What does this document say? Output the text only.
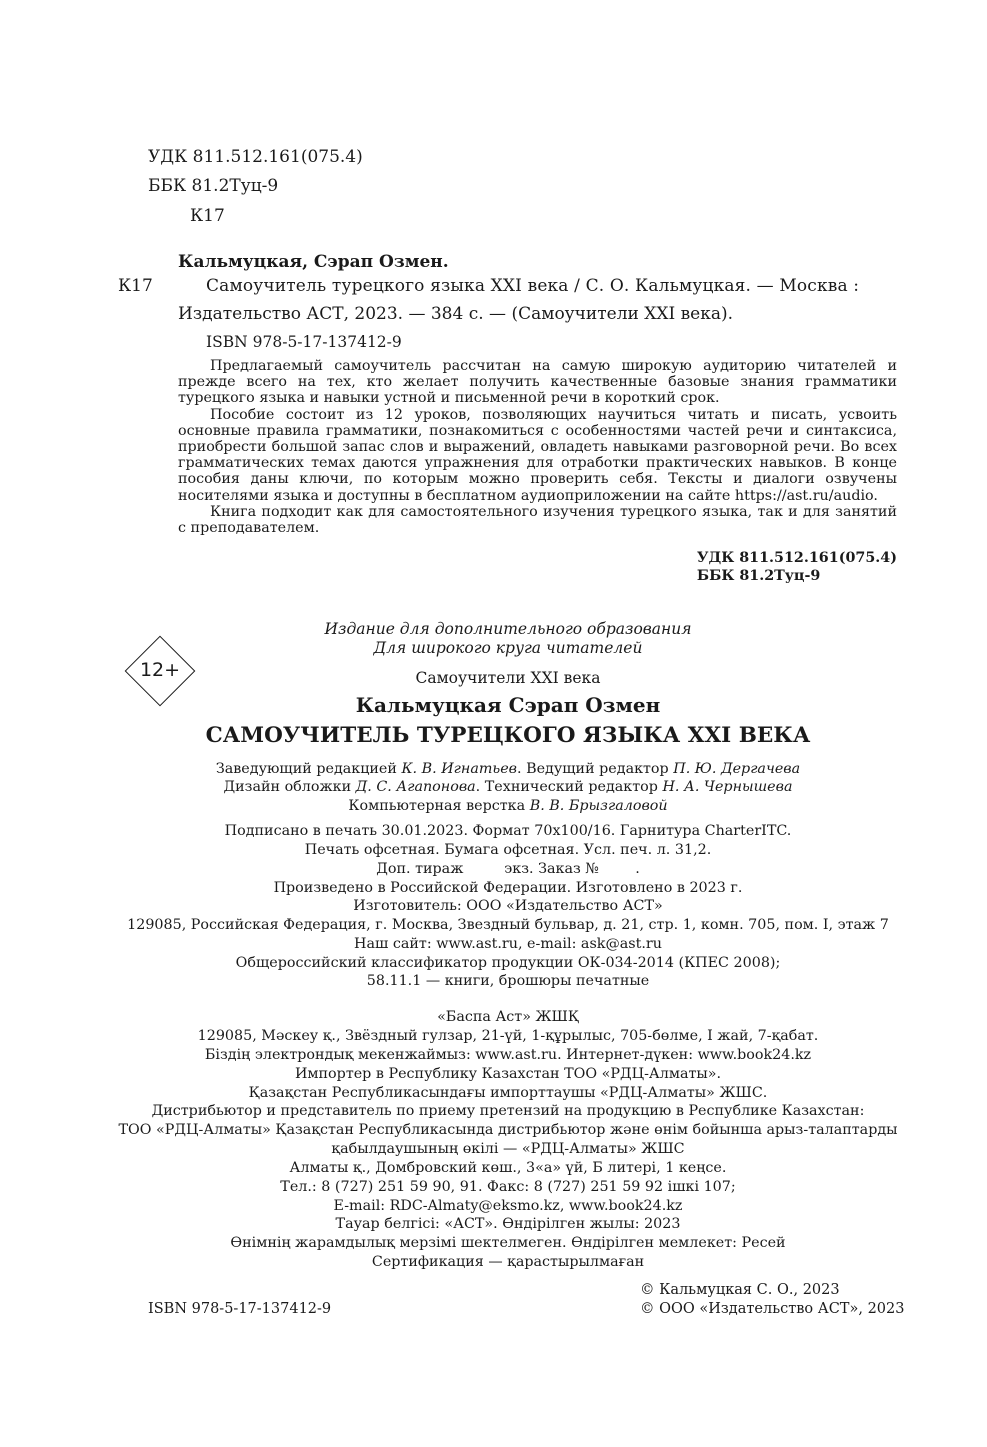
УДК 811.512.161(075.4)
ББК 81.2Туц-9
К17
Кальмуцкая, Сэрап Озмен.
К17	Самоучитель турецкого языка XXI века / С. О. Кальмуцкая. — Москва :
Издательство АСТ, 2023. — 384 с. — (Самоучители XXI века).
ISBN 978-5-17-137412-9

Предлагаемый самоучитель рассчитан на самую широкую аудиторию читателей и прежде всего на тех, кто желает получить качественные базовые знания грамматики турецкого языка и навыки устной и письменной речи в короткий срок.

Пособие состоит из 12 уроков, позволяющих научиться читать и писать, усвоить основные правила грамматики, познакомиться с особенностями частей речи и синтаксиса, приобрести большой запас слов и выражений, овладеть навыками разговорной речи. Во всех грамматических темах даются упражнения для отработки практических навыков. В конце пособия даны ключи, по которым можно проверить себя. Тексты и диалоги озвучены носителями языка и доступны в бесплатном аудиоприложении на сайте https://ast.ru/audio.

Книга подходит как для самостоятельного изучения турецкого языка, так и для занятий с преподавателем.

УДК 811.512.161(075.4)
ББК 81.2Туц-9
Издание для дополнительного образования
Для широкого круга читателей
12+	Самоучители XXI века
Кальмуцкая Сэрап Озмен
САМОУЧИТЕЛЬ ТУРЕЦКОГО ЯЗЫКА XXI ВЕКА
Заведующий редакцией К. В. Игнатьев. Ведущий редактор П. Ю. Дергачева
Дизайн обложки Д. С. Агапонова. Технический редактор Н. А. Чернышева
Компьютерная верстка В. В. Брызгаловой
Подписано в печать 30.01.2023. Формат 70х100/16. Гарнитура CharterITC.
Печать офсетная. Бумага офсетная. Усл. печ. л. 31,2.
Доп. тираж         экз. Заказ №        .
Произведено в Российской Федерации. Изготовлено в 2023 г.
Изготовитель: ООО «Издательство АСТ»
129085, Российская Федерация, г. Москва, Звездный бульвар, д. 21, стр. 1, комн. 705, пом. I, этаж 7
Наш сайт: www.ast.ru, e-mail: ask@ast.ru
Общероссийский классификатор продукции ОК-034-2014 (КПЕС 2008);
58.11.1 — книги, брошюры печатные
«Баспа Аст» ЖШҚ
129085, Мәскеу қ., Звёздный гулзар, 21-үй, 1-құрылыс, 705-бөлме, I жай, 7-қабат.
Біздің электрондық мекенжаймыз: www.ast.ru. Интернет-дүкен: www.book24.kz
Импортер в Республику Казахстан ТОО «РДЦ-Алматы».
Қазақстан Республикасындағы импорттаушы «РДЦ-Алматы» ЖШС.
Дистрибьютор и представитель по приему претензий на продукцию в Республике Казахстан:
ТОО «РДЦ-Алматы» Қазақстан Республикасында дистрибьютор және өнім бойынша арыз-талаптарды
қабылдаушының өкілі — «РДЦ-Алматы» ЖШС
Алматы қ., Домбровский көш., 3«а» үй, Б литері, 1 кеңсе.
Тел.: 8 (727) 251 59 90, 91. Факс: 8 (727) 251 59 92 ішкі 107;
E-mail: RDC-Almaty@eksmo.kz, www.book24.kz
Тауар белгісі: «АСТ». Өндірілген жылы: 2023
Өнімнің жарамдылық мерзімі шектелмеген. Өндірілген мемлекет: Ресей
Сертификация — қарастырылмаған
ISBN 978-5-17-137412-9
© Кальмуцкая С. О., 2023
© ООО «Издательство АСТ», 2023
